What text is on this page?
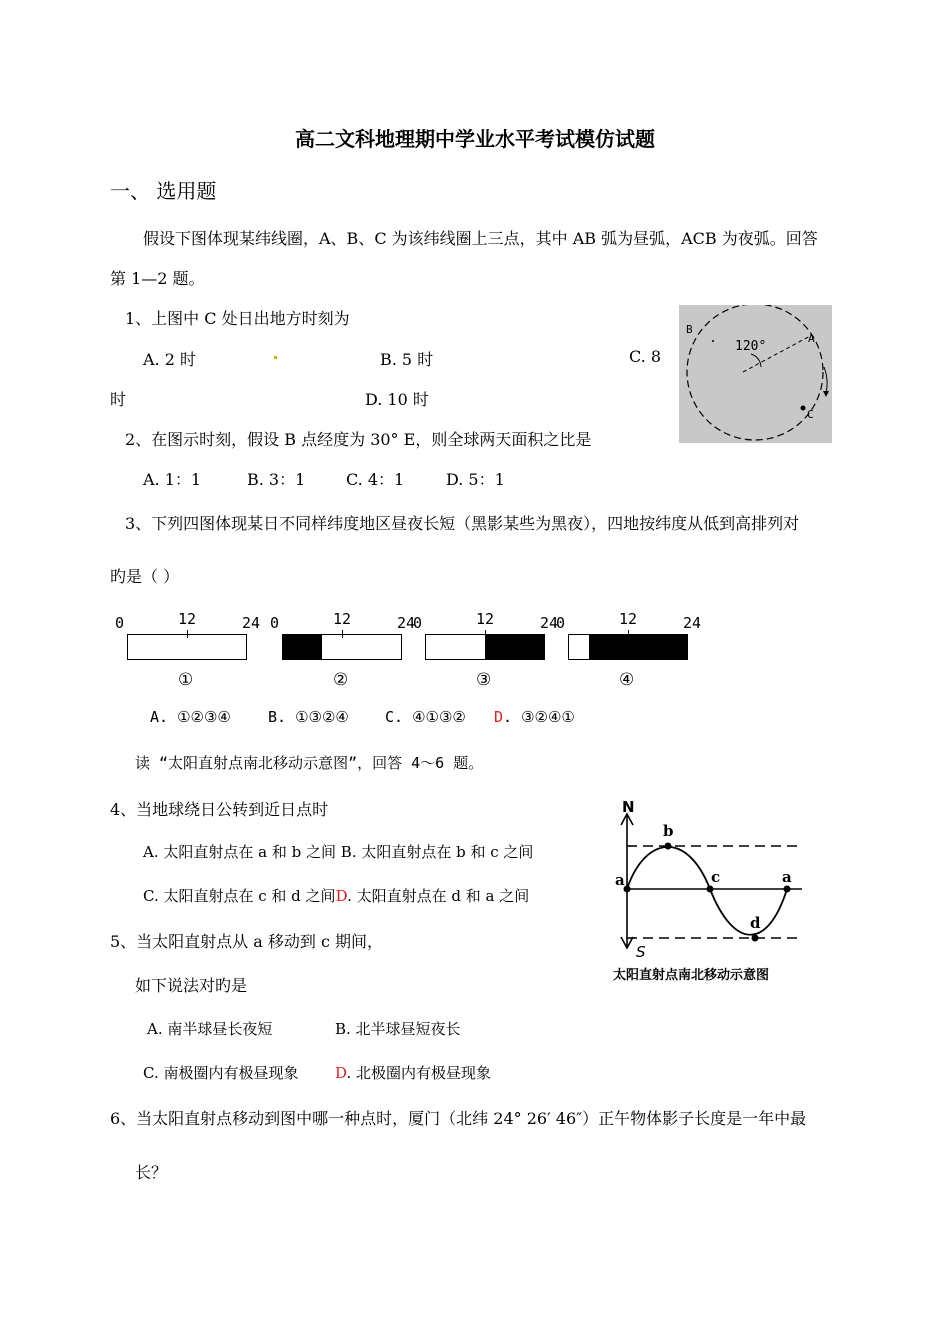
高二文科地理期中学业水平考试模仿试题
一、 选用题
假设下图体现某纬线圈，A、B、C 为该纬线圈上三点，其中 AB 弧为昼弧，ACB 为夜弧。回答
第 1—2 题。
1、上图中 C 处日出地方时刻为
A. 2 时	B. 5 时	C. 8
时	D. 10 时
120°
B
A
C
2、在图示时刻，假设 B 点经度为 30° E，则全球两天面积之比是
A. 1：1	B. 3：1	C. 4：1	D. 5：1
3、下列四图体现某日不同样纬度地区昼夜长短（黑影某些为黑夜），四地按纬度从低到高排列对
旳是（ ）
0	12	24
①
0	12	24
②
0	12	24
③
0	12	24
④
A. ①②③④ B. ①③②④ C. ④①③② D. ③②④①
读 “太阳直射点南北移动示意图”，回答 4～6 题。
4、当地球绕日公转到近日点时
A. 太阳直射点在 a 和 b 之间 B. 太阳直射点在 b 和 c 之间
C. 太阳直射点在 c 和 d 之间D. 太阳直射点在 d 和 a 之间
5、当太阳直射点从 a 移动到 c 期间，
如下说法对旳是
A. 南半球昼长夜短	B. 北半球昼短夜长
C. 南极圈内有极昼现象 D. 北极圈内有极昼现象
6、当太阳直射点移动到图中哪一种点时，厦门（北纬 24° 26′ 46″）正午物体影子长度是一年中最
长？
N
S
a
b
c
d
a
太阳直射点南北移动示意图
